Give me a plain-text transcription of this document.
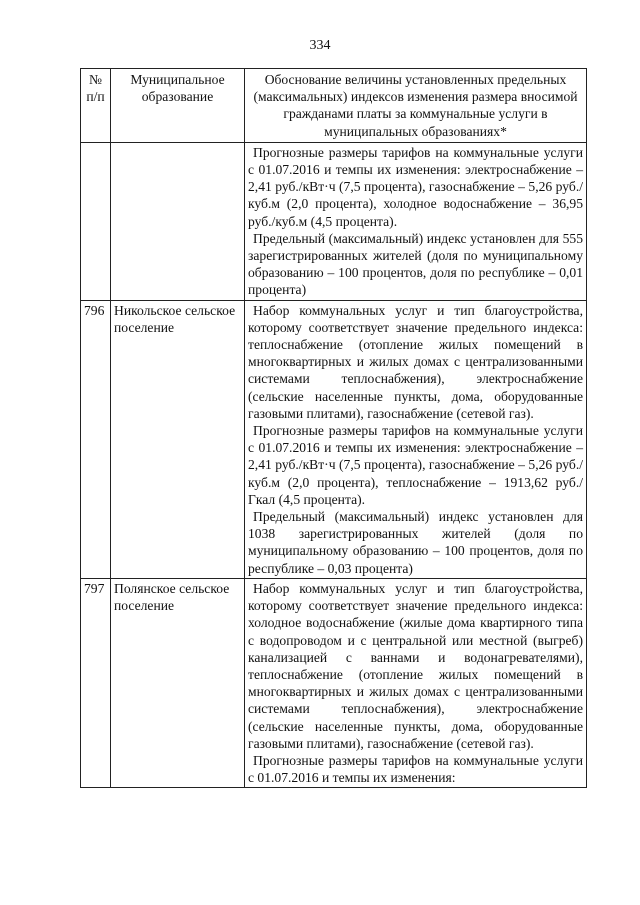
334
№ п/п	Муниципальное образование	Обоснование величины установленных предельных (максимальных) индексов изменения размера вносимой гражданами платы за коммунальные услуги в муниципальных образованиях*

		Прогнозные размеры тарифов на коммунальные услуги с 01.07.2016 и темпы их изменения: электроснабжение – 2,41 руб./кВт·ч (7,5 процента), газоснабжение – 5,26 руб./куб.м (2,0 процента), холодное водоснабжение – 36,95 руб./куб.м (4,5 процента).

Предельный (максимальный) индекс установлен для 555 зарегистрированных жителей (доля по муниципальному образованию – 100 процентов, доля по республике – 0,01 процента)

796	Никольское сельское поселение	Набор коммунальных услуг и тип благоустройства, которому соответствует значение предельного индекса: теплоснабжение (отопление жилых помещений в многоквартирных и жилых домах с централизованными системами теплоснабжения), электроснабжение (сельские населенные пункты, дома, оборудованные газовыми плитами), газоснабжение (сетевой газ).

Прогнозные размеры тарифов на коммунальные услуги с 01.07.2016 и темпы их изменения: электроснабжение – 2,41 руб./кВт·ч (7,5 процента), газоснабжение – 5,26 руб./куб.м (2,0 процента), теплоснабжение – 1913,62 руб./Гкал (4,5 процента).

Предельный (максимальный) индекс установлен для 1038 зарегистрированных жителей (доля по муниципальному образованию – 100 процентов, доля по республике – 0,03 процента)

797	Полянское сельское поселение	Набор коммунальных услуг и тип благоустройства, которому соответствует значение предельного индекса: холодное водоснабжение (жилые дома квартирного типа с водопроводом и с центральной или местной (выгреб) канализацией с ваннами и водонагревателями), теплоснабжение (отопление жилых помещений в многоквартирных и жилых домах с централизованными системами теплоснабжения), электроснабжение (сельские населенные пункты, дома, оборудованные газовыми плитами), газоснабжение (сетевой газ).

Прогнозные размеры тарифов на коммунальные услуги с 01.07.2016 и темпы их изменения:
